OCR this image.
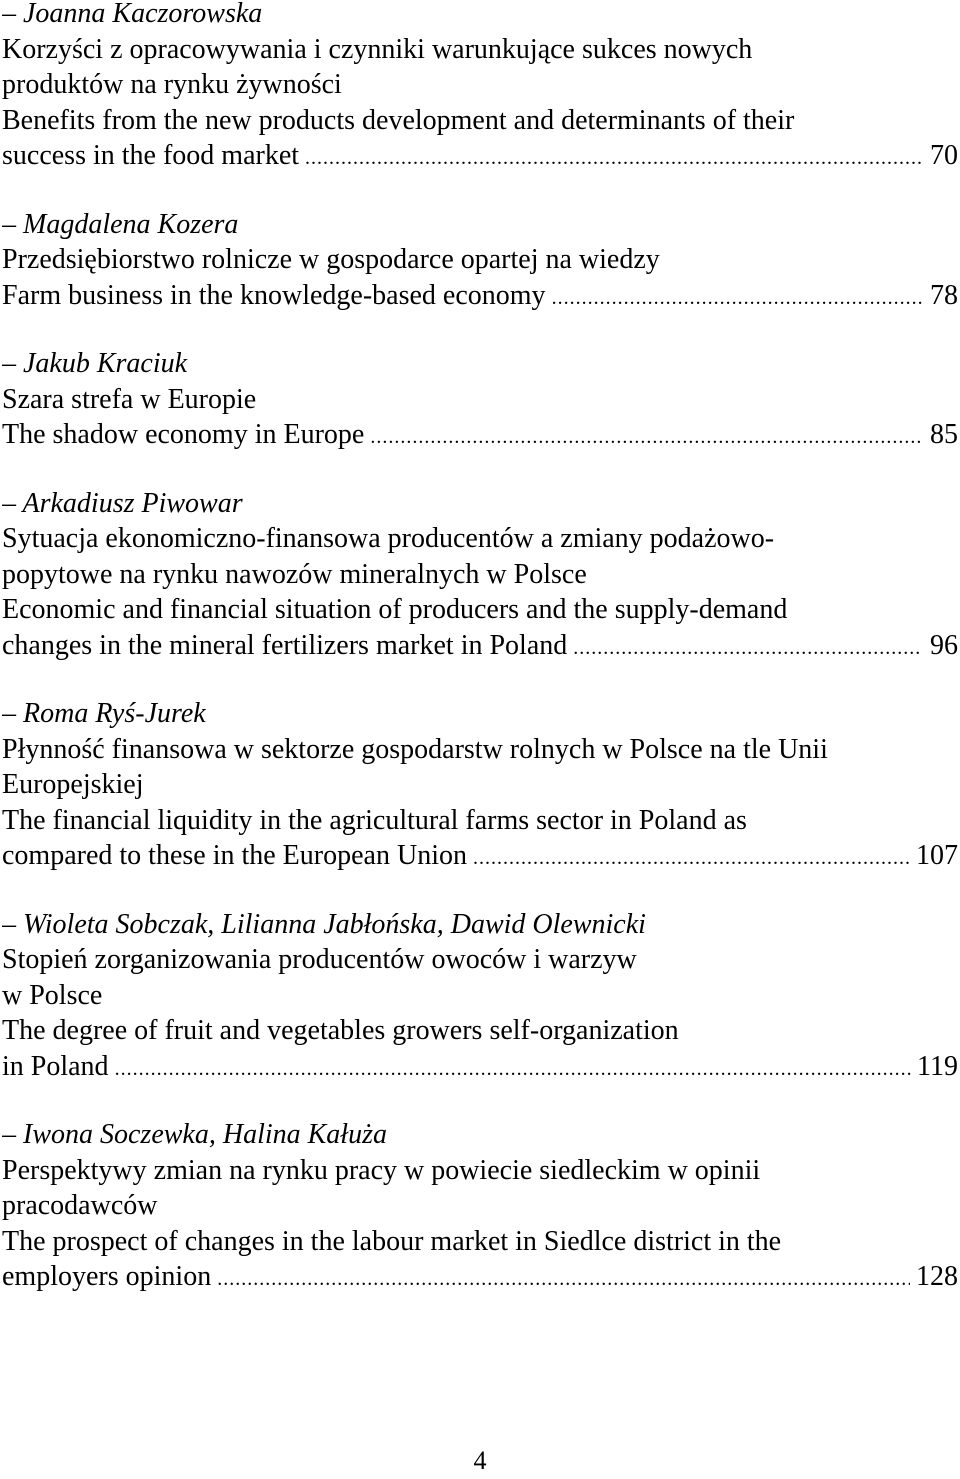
– Joanna Kaczorowska
Korzyści z opracowywania i czynniki warunkujące sukces nowych
produktów na rynku żywności
Benefits from the new products development and determinants of their
success in the food market .....	70
– Magdalena Kozera
Przedsiębiorstwo rolnicze w gospodarce opartej na wiedzy
Farm business in the knowledge-based economy .....	78
– Jakub Kraciuk
Szara strefa w Europie
The shadow economy in Europe .....	85
– Arkadiusz Piwowar
Sytuacja ekonomiczno-finansowa producentów a zmiany podażowo-
popytowe na rynku nawozów mineralnych w Polsce
Economic and financial situation of producers and the supply-demand
changes in the mineral fertilizers market in Poland .....	96
– Roma Ryś-Jurek
Płynność finansowa w sektorze gospodarstw rolnych w Polsce na tle Unii
Europejskiej
The financial liquidity in the agricultural farms sector in Poland as
compared to these in the European Union .....	107
– Wioleta Sobczak, Lilianna Jabłońska, Dawid Olewnicki
Stopień zorganizowania producentów owoców i warzyw
w Polsce
The degree of fruit and vegetables growers self-organization
in Poland .....	119
– Iwona Soczewka, Halina Kałuża
Perspektywy zmian na rynku pracy w powiecie siedleckim w opinii
pracodawców
The prospect of changes in the labour market in Siedlce district in the
employers opinion .....	128
4
